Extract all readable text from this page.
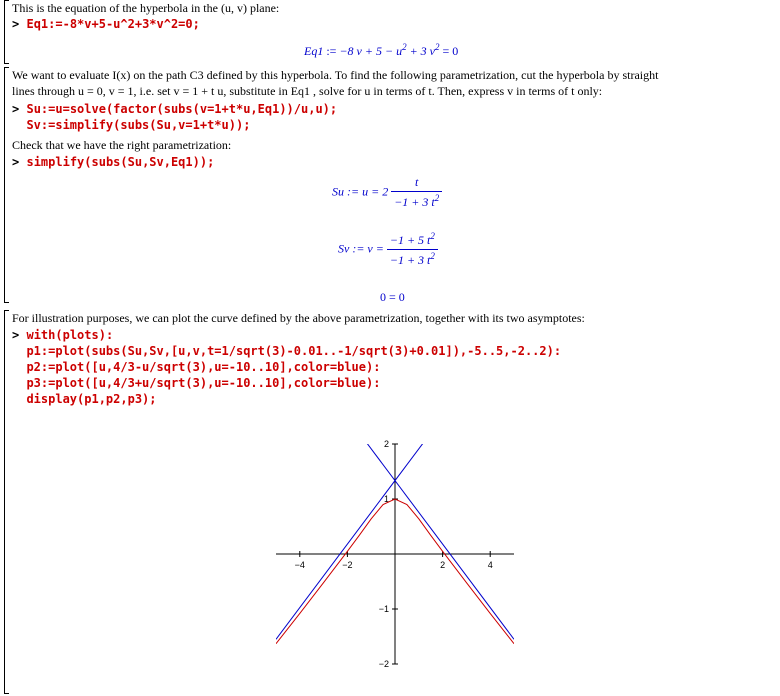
This is the equation of the hyperbola in the (u, v) plane:
> Eq1:=-8*v+5-u^2+3*v^2=0;
Eq1 := −8 $v + 5 - u^2 + 3$ $v^2 = 0$
We want to evaluate I(x) on the path C3 defined by this hyperbola. To find the following parametrization, cut the hyperbola by straight
lines through u = 0, v = 1, i.e. set v = 1 + t u, substitute in Eq1 , solve for u in terms of t. Then, express v in terms of t only:
> Su:=u=solve(factor(subs(v=1+t*u,Eq1))/u,u);
Sv:=simplify(subs(Su,v=1+t*u));
Check that we have the right parametrization:
> simplify(subs(Su,Sv,Eq1));
Su := $u = 2 \frac{t}{-1 + 3 t^2}$
Sv := $v = \frac{-1 + 5 t^2}{-1 + 3 t^2}$
0 = 0
For illustration purposes, we can plot the curve defined by the above parametrization, together with its two asymptotes:
> with(plots):
p1:=plot(subs(Su,Sv,[u,v,t=1/sqrt(3)-0.01..-1/sqrt(3)+0.01]),-5..5,-2..2):
p2:=plot([u,4/3-u/sqrt(3),u=-10..10],color=blue):
p3:=plot([u,4/3+u/sqrt(3),u=-10..10],color=blue):
display(p1,p2,p3);
−4	−2	2	4
2
1
−1
−2
